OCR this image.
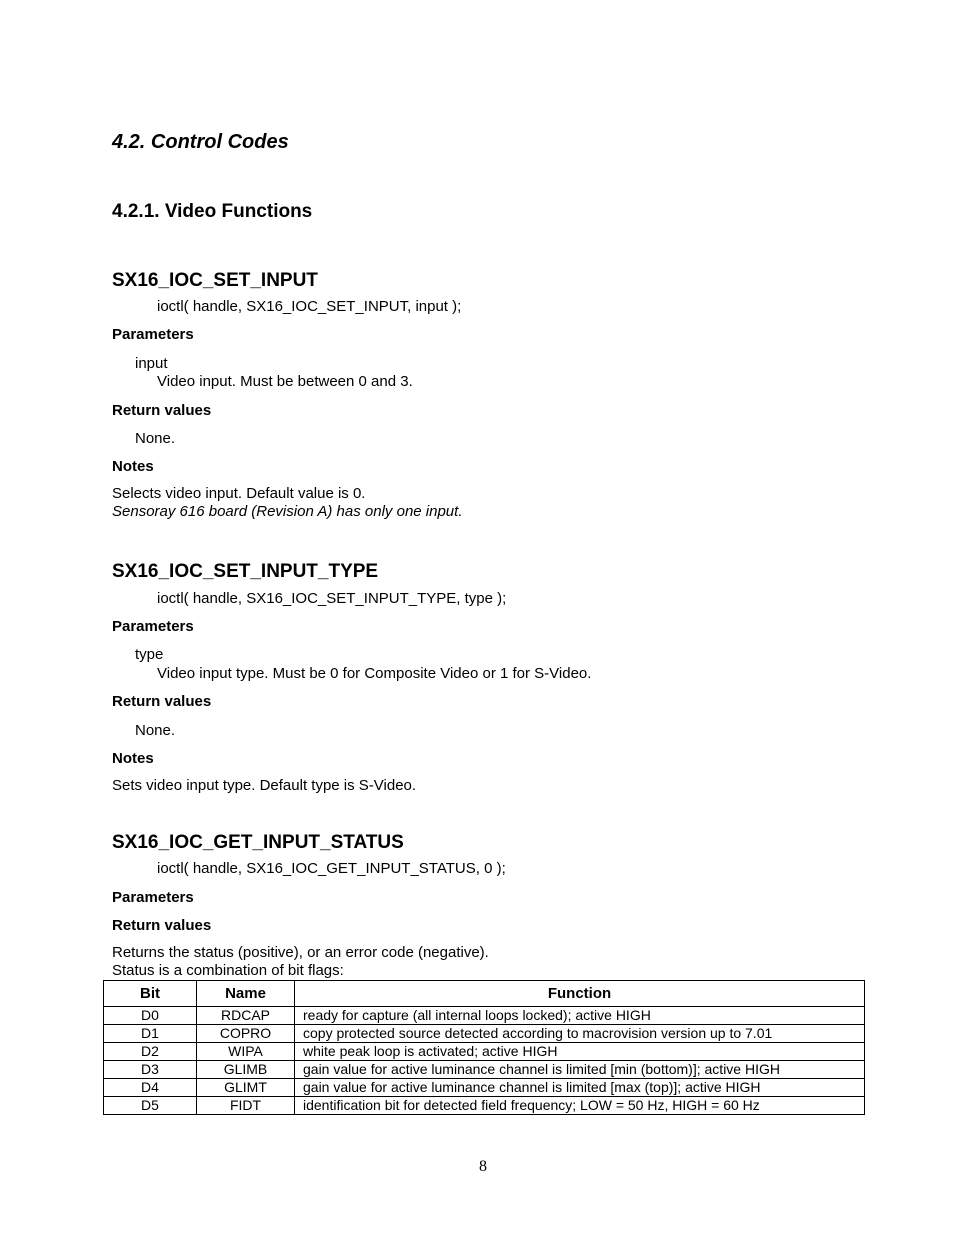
4.2. Control Codes
4.2.1. Video Functions
SX16_IOC_SET_INPUT
ioctl( handle, SX16_IOC_SET_INPUT, input );
Parameters
input
Video input. Must be between 0 and 3.
Return values
None.
Notes
Selects video input. Default value is 0.
Sensoray 616 board (Revision A) has only one input.
SX16_IOC_SET_INPUT_TYPE
ioctl( handle, SX16_IOC_SET_INPUT_TYPE, type );
Parameters
type
Video input type. Must be 0 for Composite Video or 1 for S-Video.
Return values
None.
Notes
Sets video input type. Default type is S-Video.
SX16_IOC_GET_INPUT_STATUS
ioctl( handle, SX16_IOC_GET_INPUT_STATUS, 0 );
Parameters
Return values
Returns the status (positive), or an error code (negative).
Status is a combination of bit flags:
Bit	Name	Function
D0	RDCAP	ready for capture (all internal loops locked); active HIGH
D1	COPRO	copy protected source detected according to macrovision version up to 7.01
D2	WIPA	white peak loop is activated; active HIGH
D3	GLIMB	gain value for active luminance channel is limited [min (bottom)]; active HIGH
D4	GLIMT	gain value for active luminance channel is limited [max (top)]; active HIGH
D5	FIDT	identification bit for detected field frequency; LOW = 50 Hz, HIGH = 60 Hz
8
